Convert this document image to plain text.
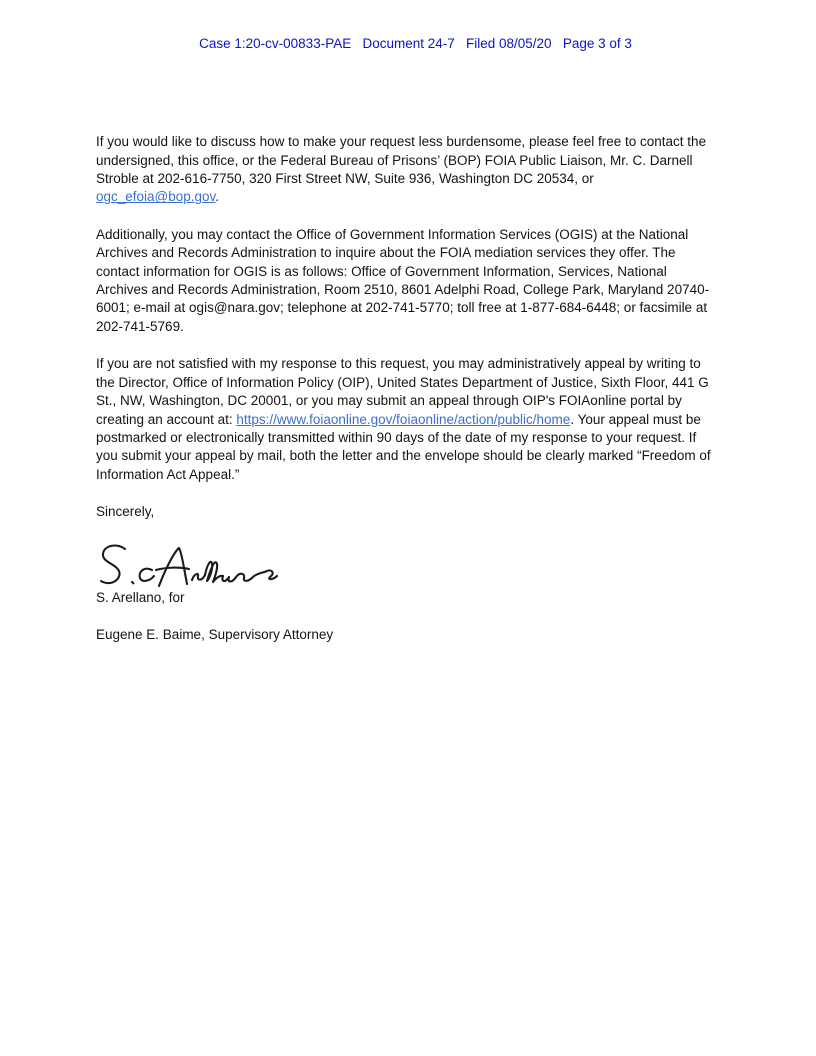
Case 1:20-cv-00833-PAE   Document 24-7   Filed 08/05/20   Page 3 of 3

If you would like to discuss how to make your request less burdensome, please feel free to contact the undersigned, this office, or the Federal Bureau of Prisons’ (BOP) FOIA Public Liaison, Mr. C. Darnell Stroble at 202-616-7750, 320 First Street NW, Suite 936, Washington DC 20534, or ogc_efoia@bop.gov.

Additionally, you may contact the Office of Government Information Services (OGIS) at the National Archives and Records Administration to inquire about the FOIA mediation services they offer. The contact information for OGIS is as follows: Office of Government Information, Services, National Archives and Records Administration, Room 2510, 8601 Adelphi Road, College Park, Maryland 20740-6001; e-mail at ogis@nara.gov; telephone at 202-741-5770; toll free at 1-877-684-6448; or facsimile at 202-741-5769.

If you are not satisfied with my response to this request, you may administratively appeal by writing to the Director, Office of Information Policy (OIP), United States Department of Justice, Sixth Floor, 441 G St., NW, Washington, DC 20001, or you may submit an appeal through OIP's FOIAonline portal by creating an account at: https://www.foiaonline.gov/foiaonline/action/public/home. Your appeal must be postmarked or electronically transmitted within 90 days of the date of my response to your request. If you submit your appeal by mail, both the letter and the envelope should be clearly marked “Freedom of Information Act Appeal.”

Sincerely,

S. Arellano, for

Eugene E. Baime, Supervisory Attorney
